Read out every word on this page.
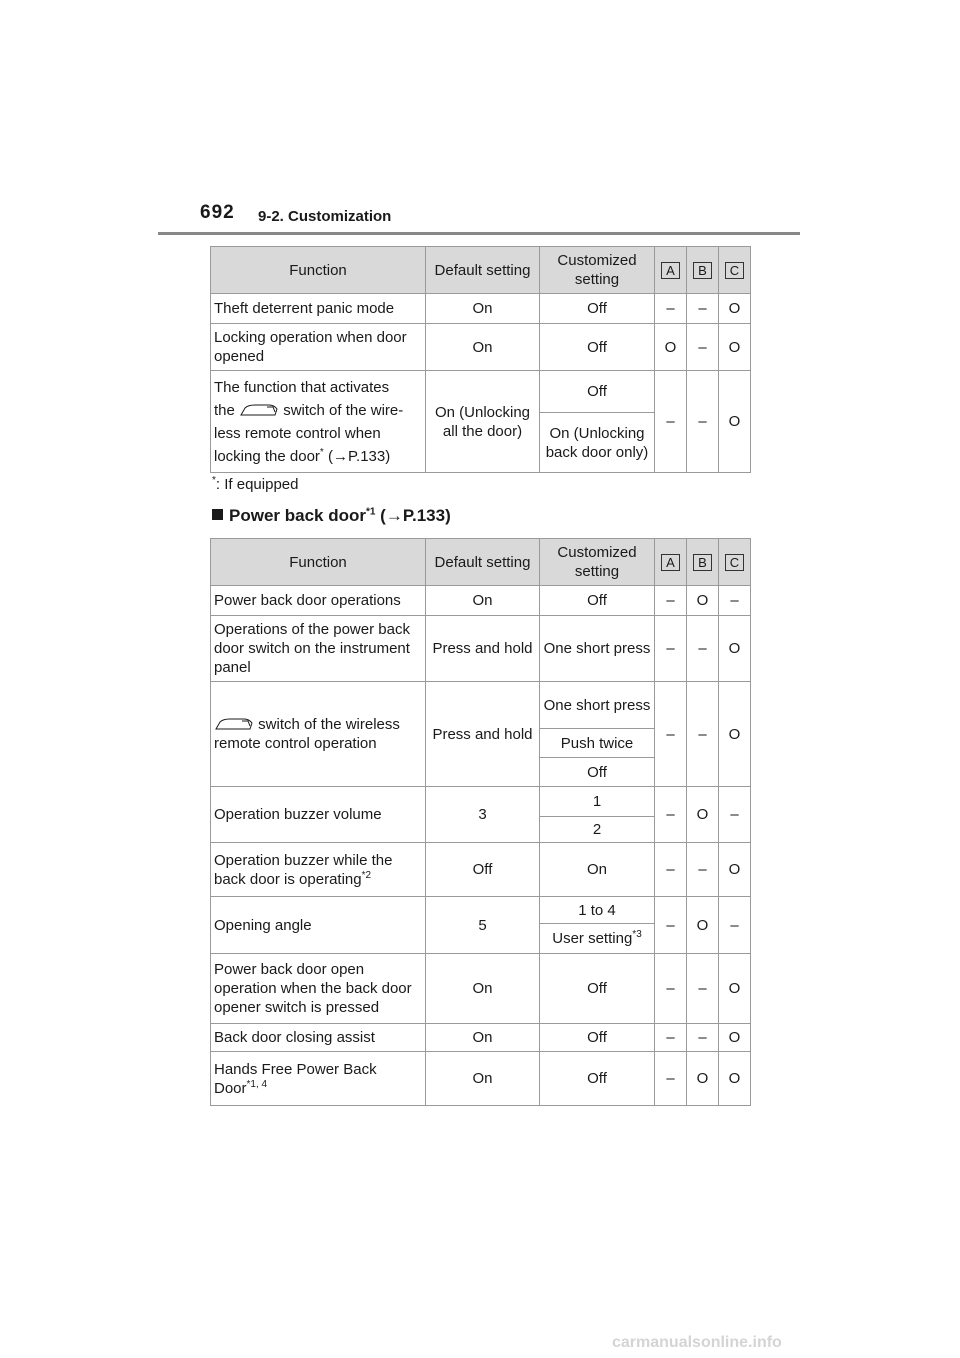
692 9-2. Customization
Function	Default setting	Customized setting	A	B	C
Theft deterrent panic mode	On	Off	–	–	O
Locking operation when door opened	On	Off	O	–	O

The function that activates
the switch of the wire-
less remote control when
locking the door* (→P.133)	On (Unlocking all the door)	Off	–	–	O
		On (Unlocking back door only)			
*: If equipped
Power back door$^{*1}$ (→P.133)
Function	Default setting	Customized setting	A	B	C
Power back door operations	On	Off	–	O	–
Operations of the power back door switch on the instrument panel	Press and hold	One short press	–	–	O

switch of the wireless
remote control operation	Press and hold	One short press	–	–	O
		Push twice			
		Off			
Operation buzzer volume	3	1	–	O	–
		2			

Operation buzzer while the
back door is operating$^{*2}$	Off	On	–	–	O
Opening angle	5	1 to 4	–	O	–
		User setting$^{*3}$
Power back door open operation when the back door opener switch is pressed	On	Off	–	–	O
Back door closing assist	On	Off	–	–	O

Hands Free Power Back
Door$^{*1, 4}$	On	Off	–	O	O
carmanualsonline.info
